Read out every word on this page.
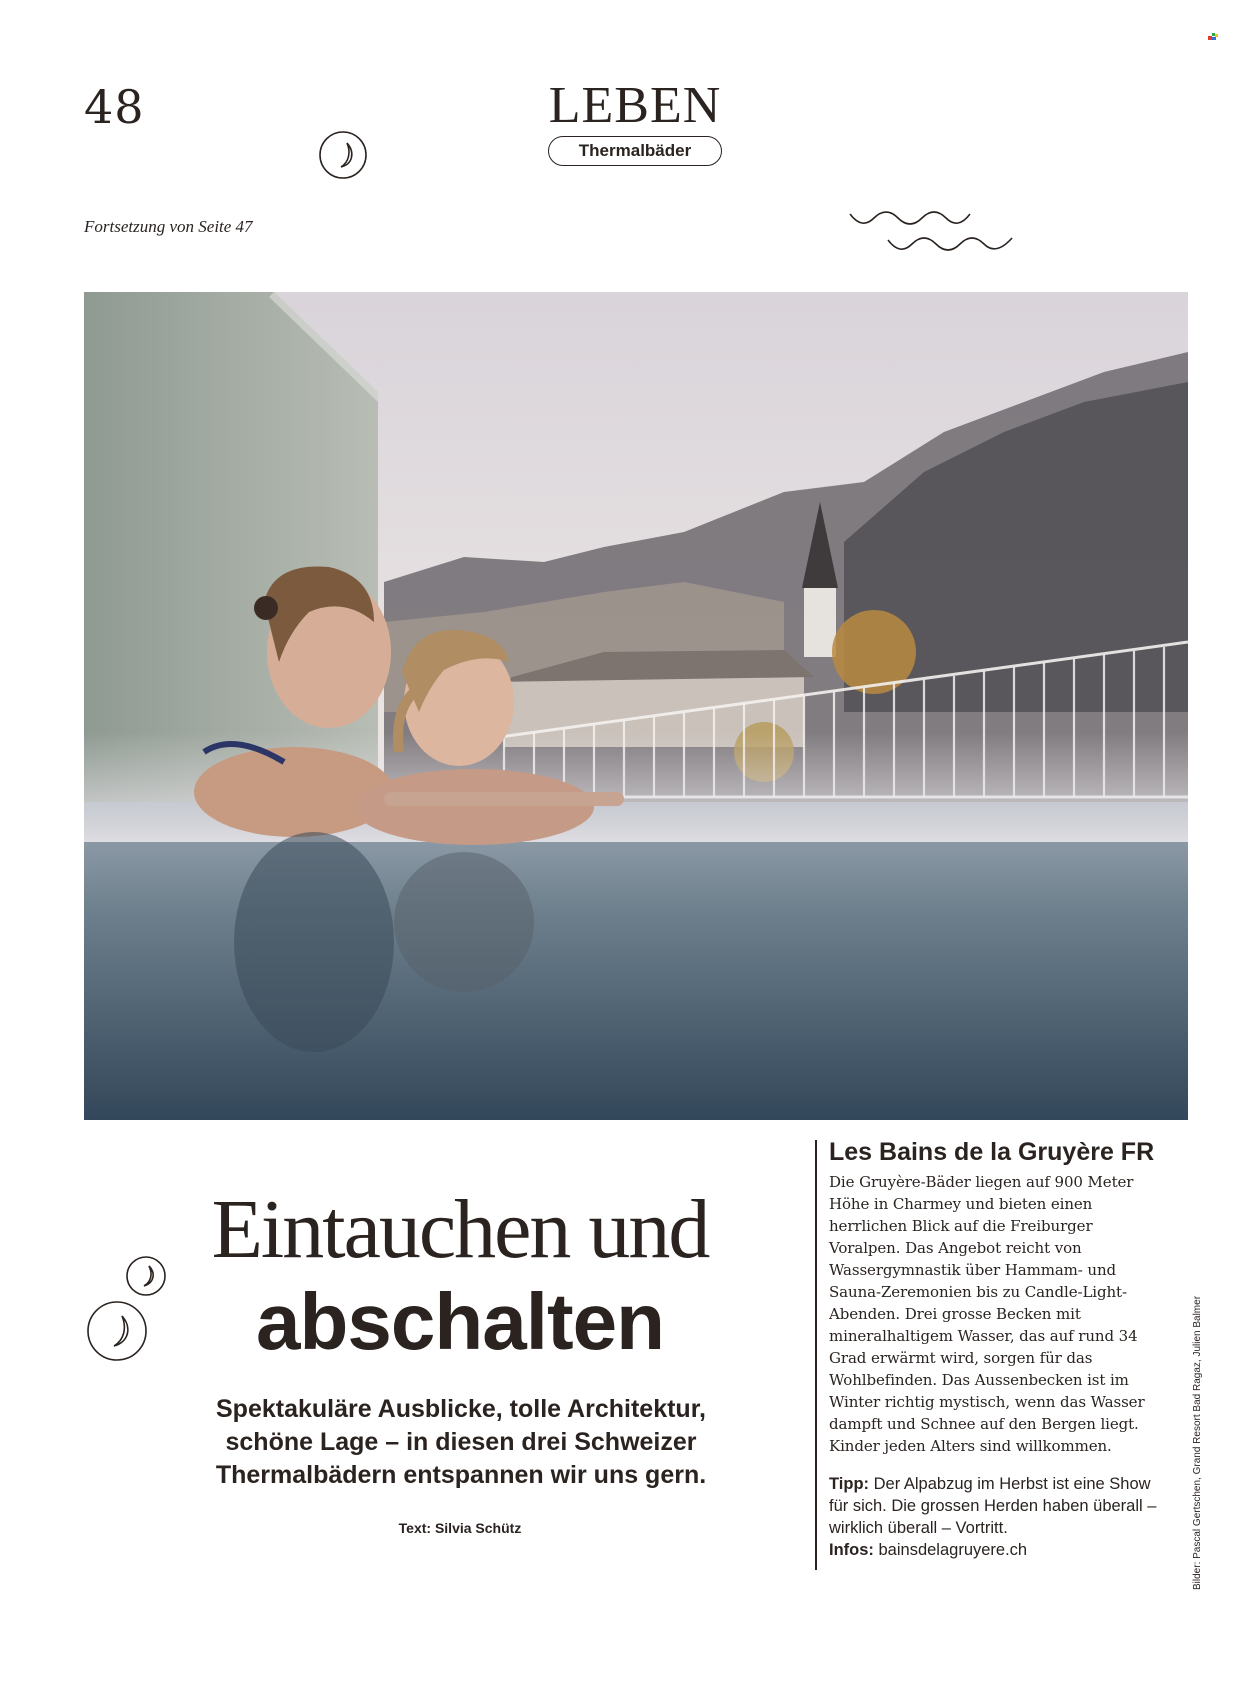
48	LEBEN
Thermalbäder
Fortsetzung von Seite 47
Eintauchen und
abschalten
Spektakuläre Ausblicke, tolle Architektur, schöne Lage – in diesen drei Schweizer Thermalbädern entspannen wir uns gern.
Text: Silvia Schütz
Les Bains de la Gruyère FR

Die Gruyère-Bäder liegen auf 900 Meter Höhe in Charmey und bieten einen herrlichen Blick auf die Freiburger Voralpen. Das Angebot reicht von Wassergymnastik über Hammam- und Sauna-Zeremonien bis zu Candle-Light-Abenden. Drei grosse Becken mit mineralhaltigem Wasser, das auf rund 34 Grad erwärmt wird, sorgen für das Wohlbefinden. Das Aussenbecken ist im Winter richtig mystisch, wenn das Wasser dampft und Schnee auf den Bergen liegt. Kinder jeden Alters sind willkommen.

Tipp: Der Alpabzug im Herbst ist eine Show für sich. Die grossen Herden haben überall – wirklich überall – Vortritt.
Infos: bainsdelagruyere.ch	Bilder: Pascal Gertschen, Grand Resort Bad Ragaz, Julien Balmer
